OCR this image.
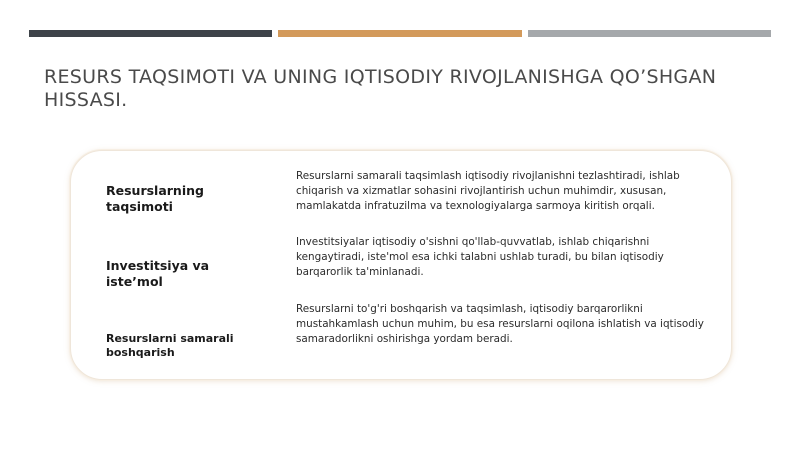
RESURS TAQSIMOTI VA UNING IQTISODIY RIVOJLANISHGA QO’SHGAN HISSASI.

Resurslarning taqsimoti

Resurslarni samarali taqsimlash iqtisodiy rivojlanishni tezlashtiradi, ishlab chiqarish va xizmatlar sohasini rivojlantirish uchun muhimdir, xususan, mamlakatda infratuzilma va texnologiyalarga sarmoya kiritish orqali.

Investitsiya va iste’mol

Investitsiyalar iqtisodiy o'sishni qo'llab-quvvatlab, ishlab chiqarishni kengaytiradi, iste'mol esa ichki talabni ushlab turadi, bu bilan iqtisodiy barqarorlik ta'minlanadi.

Resurslarni samarali boshqarish

Resurslarni to'g'ri boshqarish va taqsimlash, iqtisodiy barqarorlikni mustahkamlash uchun muhim, bu esa resurslarni oqilona ishlatish va iqtisodiy samaradorlikni oshirishga yordam beradi.
